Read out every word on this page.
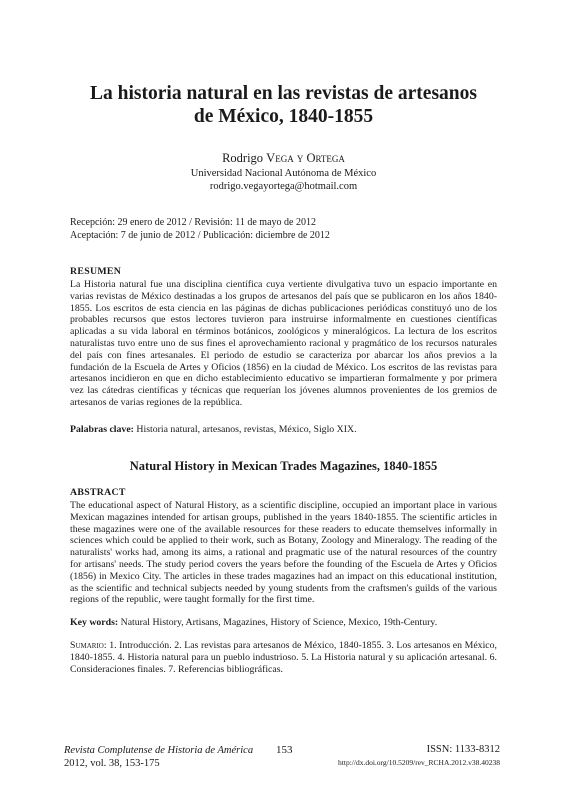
La historia natural en las revistas de artesanos
de México, 1840-1855
Rodrigo Vega y Ortega
Universidad Nacional Autónoma de México
rodrigo.vegayortega@hotmail.com
Recepción: 29 enero de 2012 / Revisión: 11 de mayo de 2012
Aceptación: 7 de junio de 2012 / Publicación: diciembre de 2012
RESUMEN
La Historia natural fue una disciplina científica cuya vertiente divulgativa tuvo un espacio importante en varias revistas de México destinadas a los grupos de artesanos del país que se publicaron en los años 1840-1855. Los escritos de esta ciencia en las páginas de dichas publicaciones periódicas constituyó uno de los probables recursos que estos lectores tuvieron para instruirse informalmente en cuestiones científicas aplicadas a su vida laboral en términos botánicos, zoológicos y mineralógicos. La lectura de los escritos naturalistas tuvo entre uno de sus fines el aprovechamiento racional y pragmático de los recursos naturales del país con fines artesanales. El periodo de estudio se caracteriza por abarcar los años previos a la fundación de la Escuela de Artes y Oficios (1856) en la ciudad de México. Los escritos de las revistas para artesanos incidieron en que en dicho establecimiento educativo se impartieran formalmente y por primera vez las cátedras científicas y técnicas que requerían los jóvenes alumnos provenientes de los gremios de artesanos de varias regiones de la república.
Palabras clave: Historia natural, artesanos, revistas, México, Siglo XIX.
Natural History in Mexican Trades Magazines, 1840-1855
ABSTRACT
The educational aspect of Natural History, as a scientific discipline, occupied an important place in various Mexican magazines intended for artisan groups, published in the years 1840-1855. The scientific articles in these magazines were one of the available resources for these readers to educate themselves informally in sciences which could be applied to their work, such as Botany, Zoology and Mineralogy. The reading of the naturalists' works had, among its aims, a rational and pragmatic use of the natural resources of the country for artisans' needs. The study period covers the years before the founding of the Escuela de Artes y Oficios (1856) in Mexico City. The articles in these trades magazines had an impact on this educational institution, as the scientific and technical subjects needed by young students from the craftsmen's guilds of the various regions of the republic, were taught formally for the first time.
Key words: Natural History, Artisans, Magazines, History of Science, Mexico, 19th-Century.
Sumario: 1. Introducción. 2. Las revistas para artesanos de México, 1840-1855. 3. Los artesanos en México, 1840-1855. 4. Historia natural para un pueblo industrioso. 5. La Historia natural y su aplicación artesanal. 6. Consideraciones finales. 7. Referencias bibliográficas.
Revista Complutense de Historia de América
2012, vol. 38, 153-175
153	ISSN: 1133-8312
http://dx.doi.org/10.5209/rev_RCHA.2012.v38.40238
